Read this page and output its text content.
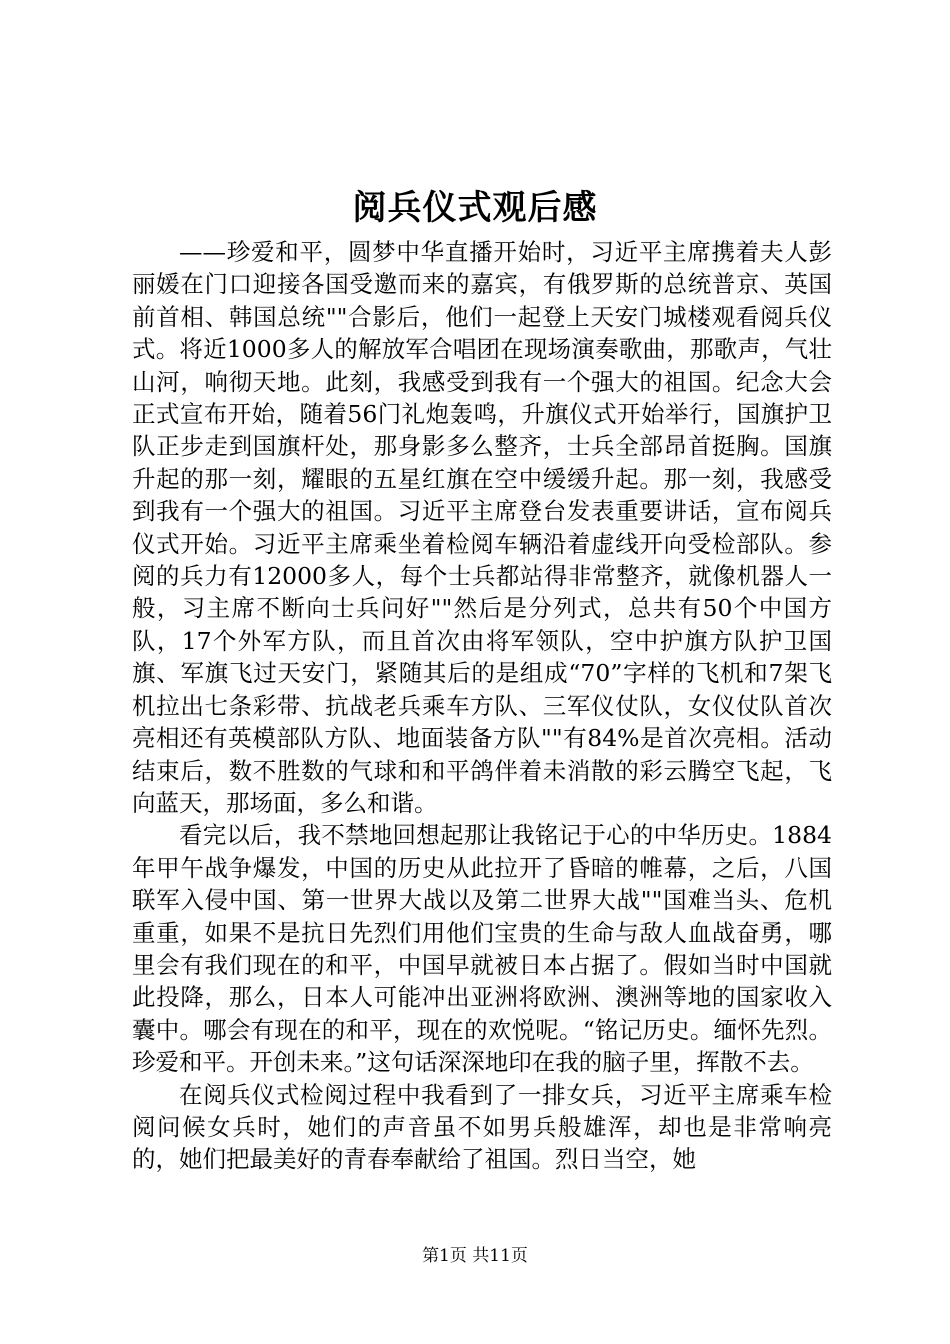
阅兵仪式观后感

——珍爱和平，圆梦中华直播开始时，习近平主席携着夫人彭丽媛在门口迎接各国受邀而来的嘉宾，有俄罗斯的总统普京、英国前首相、韩国总统""合影后，他们一起登上天安门城楼观看阅兵仪式。将近1000多人的解放军合唱团在现场演奏歌曲，那歌声，气壮山河，响彻天地。此刻，我感受到我有一个强大的祖国。纪念大会正式宣布开始，随着56门礼炮轰鸣，升旗仪式开始举行，国旗护卫队正步走到国旗杆处，那身影多么整齐，士兵全部昂首挺胸。国旗升起的那一刻，耀眼的五星红旗在空中缓缓升起。那一刻，我感受到我有一个强大的祖国。习近平主席登台发表重要讲话，宣布阅兵仪式开始。习近平主席乘坐着检阅车辆沿着虚线开向受检部队。参阅的兵力有12000多人，每个士兵都站得非常整齐，就像机器人一般，习主席不断向士兵问好""然后是分列式，总共有50个中国方队，17个外军方队，而且首次由将军领队，空中护旗方队护卫国旗、军旗飞过天安门，紧随其后的是组成“70”字样的飞机和7架飞机拉出七条彩带、抗战老兵乘车方队、三军仪仗队，女仪仗队首次亮相还有英模部队方队、地面装备方队""有84%是首次亮相。活动结束后，数不胜数的气球和和平鸽伴着未消散的彩云腾空飞起，飞向蓝天，那场面，多么和谐。

看完以后，我不禁地回想起那让我铭记于心的中华历史。1884年甲午战争爆发，中国的历史从此拉开了昏暗的帷幕，之后，八国联军入侵中国、第一世界大战以及第二世界大战""国难当头、危机重重，如果不是抗日先烈们用他们宝贵的生命与敌人血战奋勇，哪里会有我们现在的和平，中国早就被日本占据了。假如当时中国就此投降，那么，日本人可能冲出亚洲将欧洲、澳洲等地的国家收入囊中。哪会有现在的和平，现在的欢悦呢。“铭记历史。缅怀先烈。珍爱和平。开创未来。”这句话深深地印在我的脑子里，挥散不去。

在阅兵仪式检阅过程中我看到了一排女兵，习近平主席乘车检阅问候女兵时，她们的声音虽不如男兵般雄浑，却也是非常响亮的，她们把最美好的青春奉献给了祖国。烈日当空，她

第1页 共11页
